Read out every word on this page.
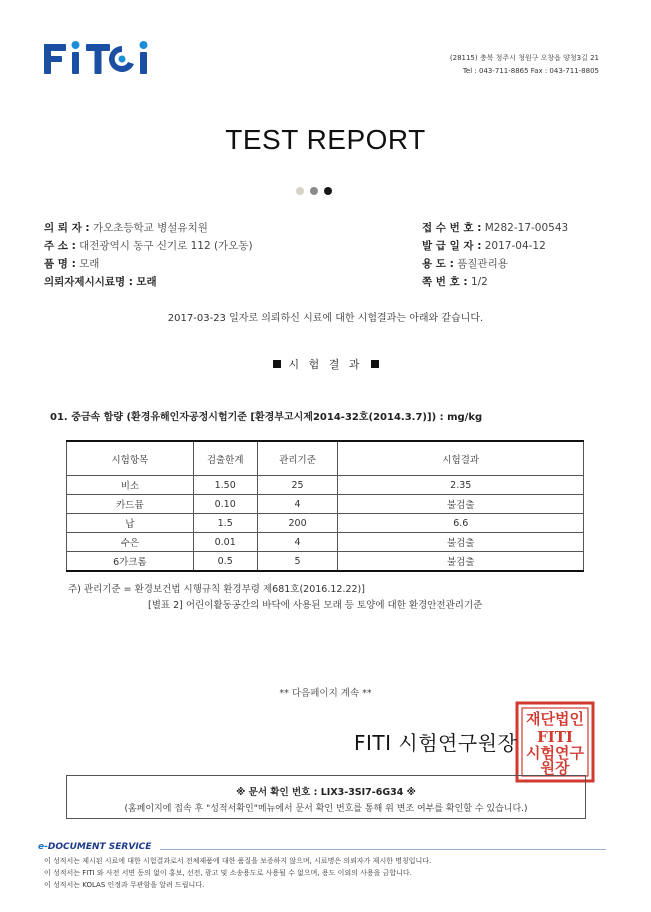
FITI
(28115) 충북 청주시 청원구 오창읍 양청3길 21
Tel : 043-711-8865 Fax : 043-711-8805
TEST REPORT
의 뢰 자 : 가오초등학교 병설유치원
주 소 : 대전광역시 동구 신기로 112 (가오동)
품 명 : 모래
의뢰자제시시료명 : 모래
접 수 번 호 : M282-17-00543
발 급 일 자 : 2017-04-12
용 도 : 품질관리용
쪽 번 호 : 1/2
2017-03-23 일자로 의뢰하신 시료에 대한 시험결과는 아래와 같습니다.
시 험 결 과
01. 중금속 함량 (환경유해인자공정시험기준 [환경부고시제2014-32호(2014.3.7)]) : mg/kg
시험항목	검출한계	관리기준	시험결과
비소	1.50	25	2.35
카드뮴	0.10	4	불검출
납	1.5	200	6.6
수은	0.01	4	불검출
6가크롬	0.5	5	불검출
주) 관리기준 = 환경보건법 시행규칙 환경부령 제681호(2016.12.22)]
[별표 2] 어린이활동공간의 바닥에 사용된 모래 등 토양에 대한 환경안전관리기준
** 다음페이지 계속 **
재단법인
FITI
시험연구
원장
FITI 시험연구원장
※ 문서 확인 번호 : LIX3-3SI7-6G34 ※
(홈페이지에 접속 후 "성적서확인"메뉴에서 문서 확인 번호를 통해 위 변조 여부를 확인할 수 있습니다.)
e-DOCUMENT SERVICE
이 성적서는 제시된 시료에 대한 시험결과로서 전체제품에 대한 품질을 보증하지 않으며, 시료명은 의뢰자가 제시한 명칭입니다.
이 성적서는 FITI 와 사전 서면 동의 없이 홍보, 선전, 광고 및 소송용도로 사용될 수 없으며, 용도 이외의 사용을 금합니다.
이 성적서는 KOLAS 인정과 무관함을 알려 드립니다.
